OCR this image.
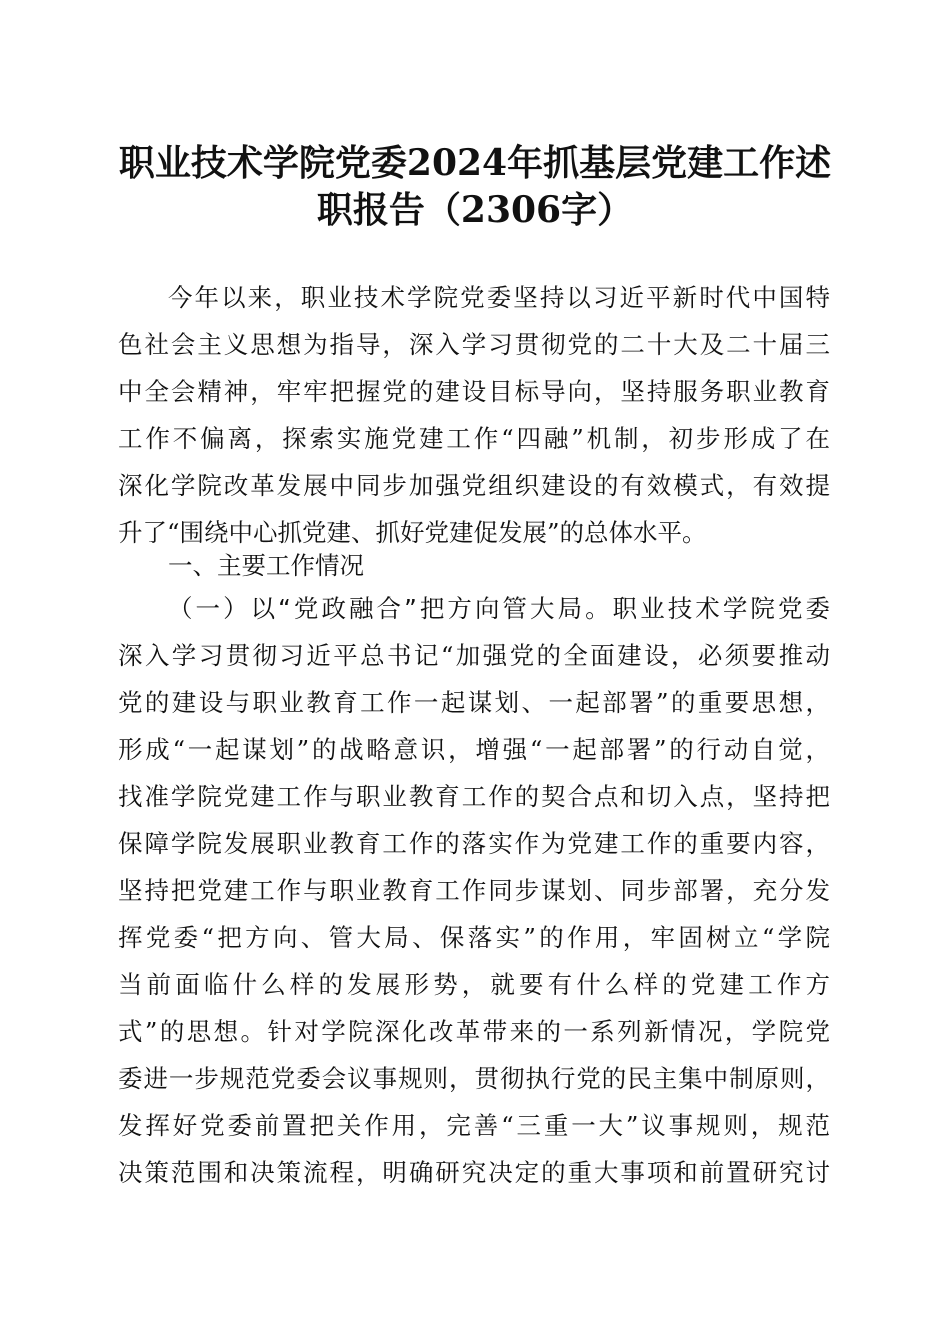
职业技术学院党委2024年抓基层党建工作述
职报告（2306字）
今年以来，职业技术学院党委坚持以习近平新时代中国特
色社会主义思想为指导，深入学习贯彻党的二十大及二十届三
中全会精神，牢牢把握党的建设目标导向，坚持服务职业教育
工作不偏离，探索实施党建工作“四融”机制，初步形成了在
深化学院改革发展中同步加强党组织建设的有效模式，有效提
升了“围绕中心抓党建、抓好党建促发展”的总体水平。
一、主要工作情况
（一）以“党政融合”把方向管大局。职业技术学院党委
深入学习贯彻习近平总书记“加强党的全面建设，必须要推动
党的建设与职业教育工作一起谋划、一起部署”的重要思想，
形成“一起谋划”的战略意识，增强“一起部署”的行动自觉，
找准学院党建工作与职业教育工作的契合点和切入点，坚持把
保障学院发展职业教育工作的落实作为党建工作的重要内容，
坚持把党建工作与职业教育工作同步谋划、同步部署，充分发
挥党委“把方向、管大局、保落实”的作用，牢固树立“学院
当前面临什么样的发展形势，就要有什么样的党建工作方
式”的思想。针对学院深化改革带来的一系列新情况，学院党
委进一步规范党委会议事规则，贯彻执行党的民主集中制原则，
发挥好党委前置把关作用，完善“三重一大”议事规则，规范
决策范围和决策流程，明确研究决定的重大事项和前置研究讨
